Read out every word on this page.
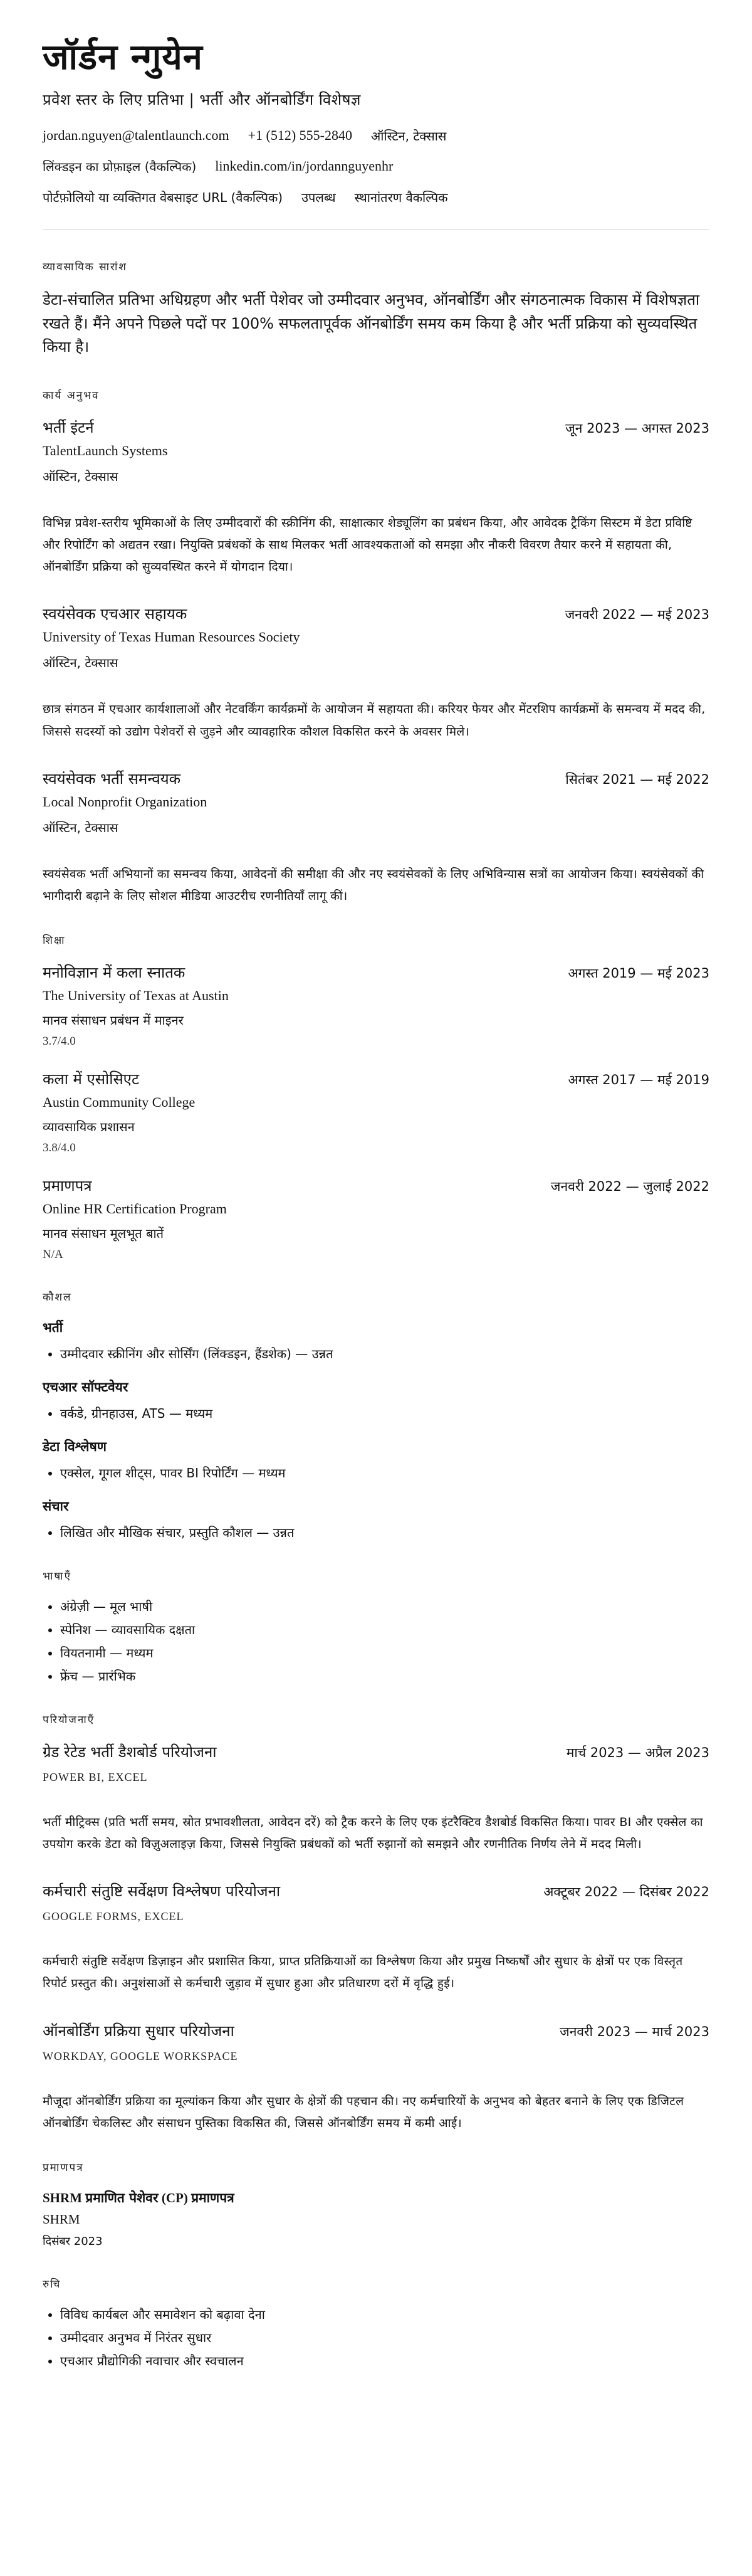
जॉर्डन न्गुयेन
प्रवेश स्तर के लिए प्रतिभा | भर्ती और ऑनबोर्डिंग विशेषज्ञ
jordan.nguyen@talentlaunch.com +1 (512) 555-2840 ऑस्टिन, टेक्सास
लिंक्डइन का प्रोफ़ाइल (वैकल्पिक) linkedin.com/in/jordannguyenhr
पोर्टफ़ोलियो या व्यक्तिगत वेबसाइट URL (वैकल्पिक) उपलब्ध स्थानांतरण वैकल्पिक
व्यावसायिक सारांश

डेटा-संचालित प्रतिभा अधिग्रहण और भर्ती पेशेवर जो उम्मीदवार अनुभव, ऑनबोर्डिंग और संगठनात्मक विकास में विशेषज्ञता रखते हैं। मैंने अपने पिछले पदों पर 100% सफलतापूर्वक ऑनबोर्डिंग समय कम किया है और भर्ती प्रक्रिया को सुव्यवस्थित किया है।

कार्य अनुभव
भर्ती इंटर्न	जून 2023 — अगस्त 2023
TalentLaunch Systems
ऑस्टिन, टेक्सास
विभिन्न प्रवेश-स्तरीय भूमिकाओं के लिए उम्मीदवारों की स्क्रीनिंग की, साक्षात्कार शेड्यूलिंग का प्रबंधन किया, और आवेदक ट्रैकिंग सिस्टम में डेटा प्रविष्टि और रिपोर्टिंग को अद्यतन रखा। नियुक्ति प्रबंधकों के साथ मिलकर भर्ती आवश्यकताओं को समझा और नौकरी विवरण तैयार करने में सहायता की, ऑनबोर्डिंग प्रक्रिया को सुव्यवस्थित करने में योगदान दिया।
स्वयंसेवक एचआर सहायक	जनवरी 2022 — मई 2023
University of Texas Human Resources Society
ऑस्टिन, टेक्सास
छात्र संगठन में एचआर कार्यशालाओं और नेटवर्किंग कार्यक्रमों के आयोजन में सहायता की। करियर फेयर और मेंटरशिप कार्यक्रमों के समन्वय में मदद की, जिससे सदस्यों को उद्योग पेशेवरों से जुड़ने और व्यावहारिक कौशल विकसित करने के अवसर मिले।
स्वयंसेवक भर्ती समन्वयक	सितंबर 2021 — मई 2022
Local Nonprofit Organization
ऑस्टिन, टेक्सास
स्वयंसेवक भर्ती अभियानों का समन्वय किया, आवेदनों की समीक्षा की और नए स्वयंसेवकों के लिए अभिविन्यास सत्रों का आयोजन किया। स्वयंसेवकों की भागीदारी बढ़ाने के लिए सोशल मीडिया आउटरीच रणनीतियाँ लागू कीं।
शिक्षा
मनोविज्ञान में कला स्नातक	अगस्त 2019 — मई 2023
The University of Texas at Austin
मानव संसाधन प्रबंधन में माइनर
3.7/4.0
कला में एसोसिएट	अगस्त 2017 — मई 2019
Austin Community College
व्यावसायिक प्रशासन
3.8/4.0
प्रमाणपत्र	जनवरी 2022 — जुलाई 2022
Online HR Certification Program
मानव संसाधन मूलभूत बातें
N/A
कौशल
भर्ती
• उम्मीदवार स्क्रीनिंग और सोर्सिंग (लिंक्डइन, हैंडशेक) — उन्नत
एचआर सॉफ्टवेयर
• वर्कडे, ग्रीनहाउस, ATS — मध्यम
डेटा विश्लेषण
• एक्सेल, गूगल शीट्स, पावर BI रिपोर्टिंग — मध्यम
संचार
• लिखित और मौखिक संचार, प्रस्तुति कौशल — उन्नत
भाषाएँ
• अंग्रेज़ी — मूल भाषी
• स्पेनिश — व्यावसायिक दक्षता
• वियतनामी — मध्यम
• फ्रेंच — प्रारंभिक
परियोजनाएँ
ग्रेड रेटेड भर्ती डैशबोर्ड परियोजना	मार्च 2023 — अप्रैल 2023
POWER BI, EXCEL
भर्ती मीट्रिक्स (प्रति भर्ती समय, स्रोत प्रभावशीलता, आवेदन दरें) को ट्रैक करने के लिए एक इंटरैक्टिव डैशबोर्ड विकसित किया। पावर BI और एक्सेल का उपयोग करके डेटा को विज़ुअलाइज़ किया, जिससे नियुक्ति प्रबंधकों को भर्ती रुझानों को समझने और रणनीतिक निर्णय लेने में मदद मिली।
कर्मचारी संतुष्टि सर्वेक्षण विश्लेषण परियोजना	अक्टूबर 2022 — दिसंबर 2022
GOOGLE FORMS, EXCEL
कर्मचारी संतुष्टि सर्वेक्षण डिज़ाइन और प्रशासित किया, प्राप्त प्रतिक्रियाओं का विश्लेषण किया और प्रमुख निष्कर्षों और सुधार के क्षेत्रों पर एक विस्तृत रिपोर्ट प्रस्तुत की। अनुशंसाओं से कर्मचारी जुड़ाव में सुधार हुआ और प्रतिधारण दरों में वृद्धि हुई।
ऑनबोर्डिंग प्रक्रिया सुधार परियोजना	जनवरी 2023 — मार्च 2023
WORKDAY, GOOGLE WORKSPACE
मौजूदा ऑनबोर्डिंग प्रक्रिया का मूल्यांकन किया और सुधार के क्षेत्रों की पहचान की। नए कर्मचारियों के अनुभव को बेहतर बनाने के लिए एक डिजिटल ऑनबोर्डिंग चेकलिस्ट और संसाधन पुस्तिका विकसित की, जिससे ऑनबोर्डिंग समय में कमी आई।
प्रमाणपत्र
SHRM प्रमाणित पेशेवर (CP) प्रमाणपत्र
SHRM
दिसंबर 2023
रुचि
• विविध कार्यबल और समावेशन को बढ़ावा देना
• उम्मीदवार अनुभव में निरंतर सुधार
• एचआर प्रौद्योगिकी नवाचार और स्वचालन
